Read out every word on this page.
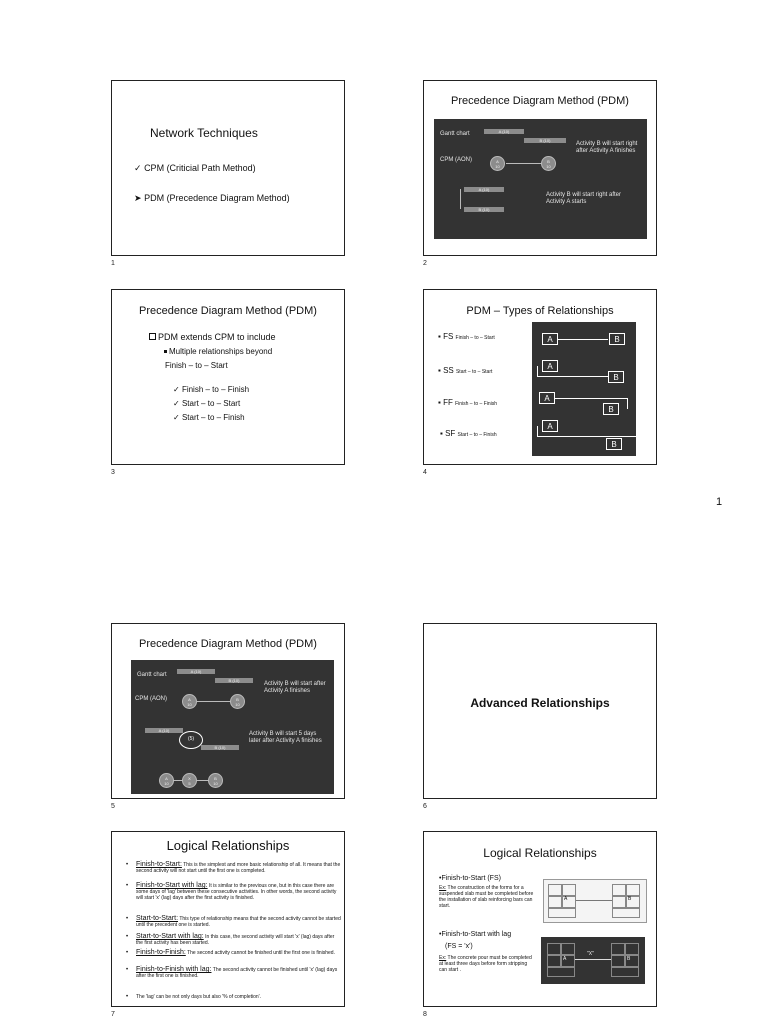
1
Network Techniques
✓ CPM (Criticial Path Method)
➤ PDM (Precedence Diagram Method)
1
Precedence Diagram Method (PDM)
Gantt chart	A (10)
B (10)
Activity B will start right after Activity A finishes
CPM (AON)	A
10
B
10
A (10)
B (10)
Activity B will start right after Activity A starts
2
Precedence Diagram Method (PDM)
PDM extends CPM to include
Multiple relationships beyond
Finish – to – Start
✓ Finish – to – Finish
✓ Start – to – Start
✓ Start – to – Finish
3
PDM – Types of Relationships
▪ FS Finish – to – Start
▪ SS Start – to – Start
▪ FF Finish – to – Finish
▪ SF Start – to – Finish
A	B
A
B
A
B
A
B
4
Precedence Diagram Method (PDM)
Gantt chart
A (10)
B (10)
Activity B will start after Activity A finishes
CPM (AON)	A
10
B
10
A (10)
(5)
B (10)
Activity B will start 5 days later after Activity A finishes
A
10
X
5
B
10
5
Advanced Relationships
6
Logical Relationships
• Finish-to-Start: This is the simplest and more basic relationship of all. It means that the second activity will not start until the first one is completed.
• Finish-to-Start with lag: It is similar to the previous one, but in this case there are some days of 'lag' between these consecutive activities. In other words, the second activity will start 'x' (lag) days after the first activity is finished.
• Start-to-Start: This type of relationship means that the second activity cannot be started until the precedent one is started.
• Start-to-Start with lag: In this case, the second activity will start 'x' (lag) days after the first activity has been started.
• Finish-to-Finish: The second activity cannot be finished until the first one is finished.
• Finish-to-Finish with lag: The second activity cannot be finished until 'x' (lag) days after the first one is finished.
• The 'lag' can be not only days but also '% of completion'.
7
Logical Relationships
•Finish-to-Start (FS)
Ex: The construction of the forms for a suspended slab must be completed before the installation of slab reinforcing bars can start.
A	B
•Finish-to-Start with lag
(FS = 'x')
Ex: The concrete pour must be completed at least three days before form stripping can start .
A
"X"
B
8
